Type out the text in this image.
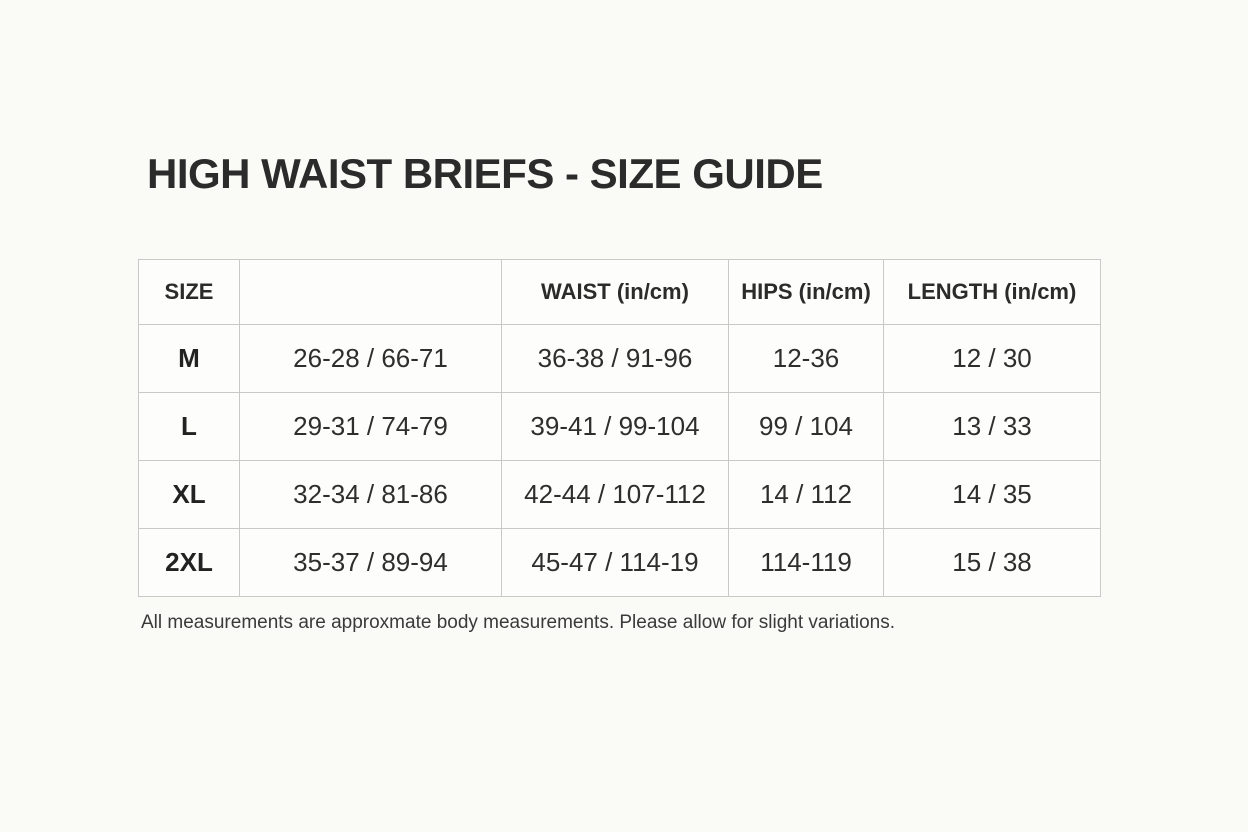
HIGH WAIST BRIEFS - SIZE GUIDE
SIZE		WAIST (in/cm)	HIPS (in/cm)	LENGTH (in/cm)
M	26-28 / 66-71	36-38 / 91-96	12-36	12 / 30
L	29-31 / 74-79	39-41 / 99-104	99 / 104	13 / 33
XL	32-34 / 81-86	42-44 / 107-112	14 / 112	14 / 35
2XL	35-37 / 89-94	45-47 / 114-19	114-119	15 / 38

All measurements are approxmate body measurements. Please allow for slight variations.
